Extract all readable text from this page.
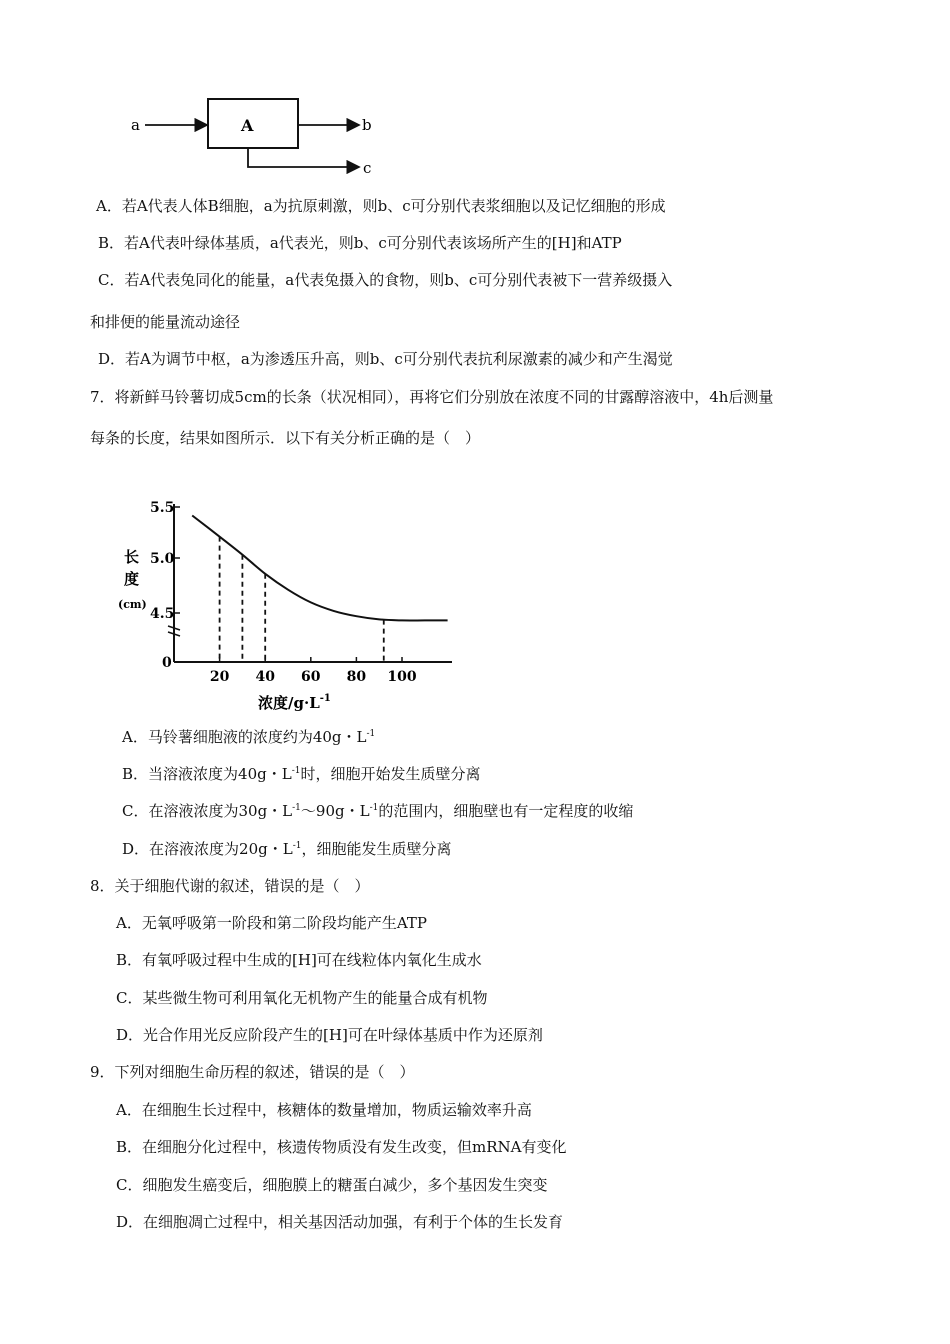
a	A	b
c
A．若A代表人体B细胞，a为抗原刺激，则b、c可分别代表浆细胞以及记忆细胞的形成
B．若A代表叶绿体基质，a代表光，则b、c可分别代表该场所产生的[H]和ATP
C．若A代表兔同化的能量，a代表兔摄入的食物，则b、c可分别代表被下一营养级摄入
和排便的能量流动途径
D．若A为调节中枢，a为渗透压升高，则b、c可分别代表抗利尿激素的减少和产生渴觉
7．将新鲜马铃薯切成5cm的长条（状况相同），再将它们分别放在浓度不同的甘露醇溶液中，4h后测量
每条的长度，结果如图所示．以下有关分析正确的是（　）
5.5
5.0
4.5
0
长
度
(cm)
20 40 60 80 100
浓度$/g\cdot L^{-1}$
A．马铃薯细胞液的浓度约为40g・$L^{-1}$
B．当溶液浓度为40g・$L^{-1}$时，细胞开始发生质壁分离
C．在溶液浓度为30g・$L^{-1}\sim 90g$・$L^{-1}$的范围内，细胞壁也有一定程度的收缩
D．在溶液浓度为20g・$L^{-1}$，细胞能发生质壁分离
8．关于细胞代谢的叙述，错误的是（　）
A．无氧呼吸第一阶段和第二阶段均能产生ATP
B．有氧呼吸过程中生成的[H]可在线粒体内氧化生成水
C．某些微生物可利用氧化无机物产生的能量合成有机物
D．光合作用光反应阶段产生的[H]可在叶绿体基质中作为还原剂
9．下列对细胞生命历程的叙述，错误的是（　）
A．在细胞生长过程中，核糖体的数量增加，物质运输效率升高
B．在细胞分化过程中，核遗传物质没有发生改变，但mRNA有变化
C．细胞发生癌变后，细胞膜上的糖蛋白减少，多个基因发生突变
D．在细胞凋亡过程中，相关基因活动加强，有利于个体的生长发育
